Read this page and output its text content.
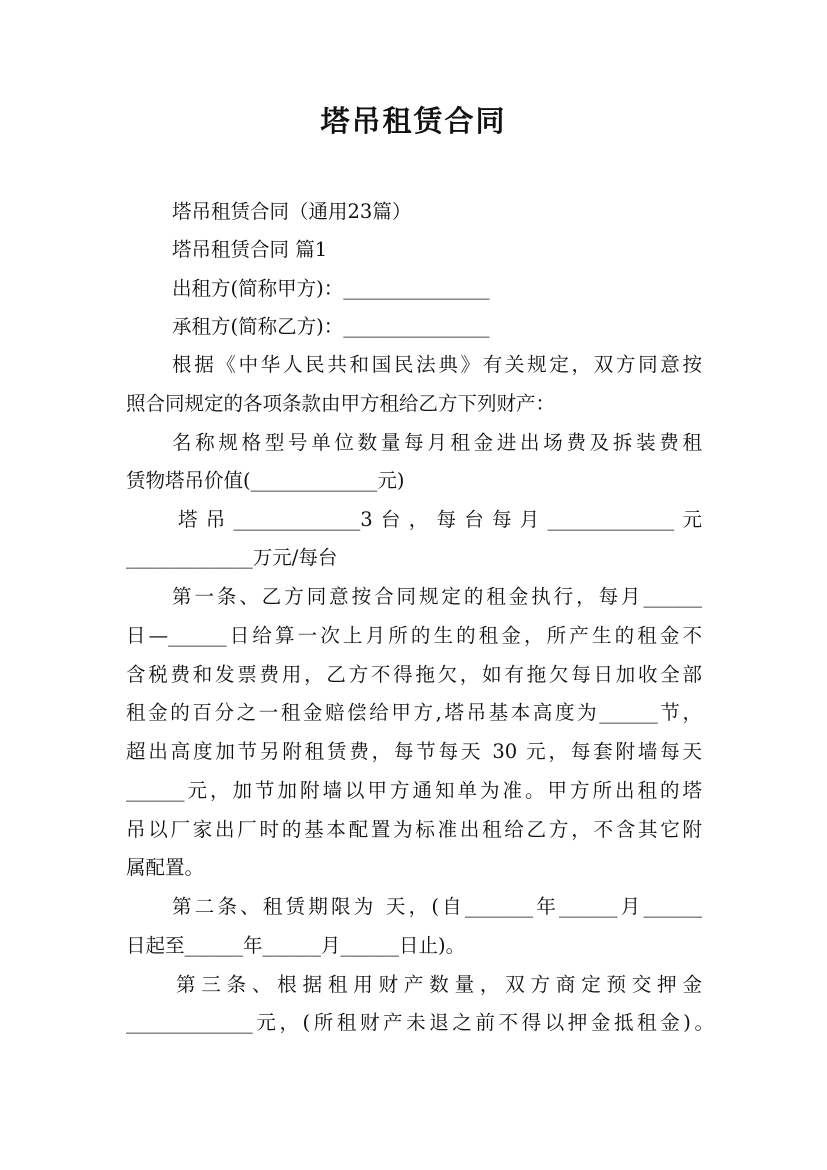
塔吊租赁合同
塔吊租赁合同（通用23篇）
塔吊租赁合同 篇1
出租方(简称甲方)：_______________
承租方(简称乙方)：_______________
根据《中华人民共和国民法典》有关规定，双方同意按
照合同规定的各项条款由甲方租给乙方下列财产：
名称规格型号单位数量每月租金进出场费及拆装费租
赁物塔吊价值(_____________元)
塔吊_____________3台，每台每月_____________元
_____________万元/每台
第一条、乙方同意按合同规定的租金执行，每月______
日—______日给算一次上月所的生的租金，所产生的租金不
含税费和发票费用，乙方不得拖欠，如有拖欠每日加收全部
租金的百分之一租金赔偿给甲方,塔吊基本高度为______节，
超出高度加节另附租赁费，每节每天 30 元，每套附墙每天
______元，加节加附墙以甲方通知单为准。甲方所出租的塔
吊以厂家出厂时的基本配置为标准出租给乙方，不含其它附
属配置。
第二条、租赁期限为 天，(自_______年______月______
日起至______年______月______日止)。
第三条、根据租用财产数量，双方商定预交押金
_____________元，(所租财产未退之前不得以押金抵租金)。
